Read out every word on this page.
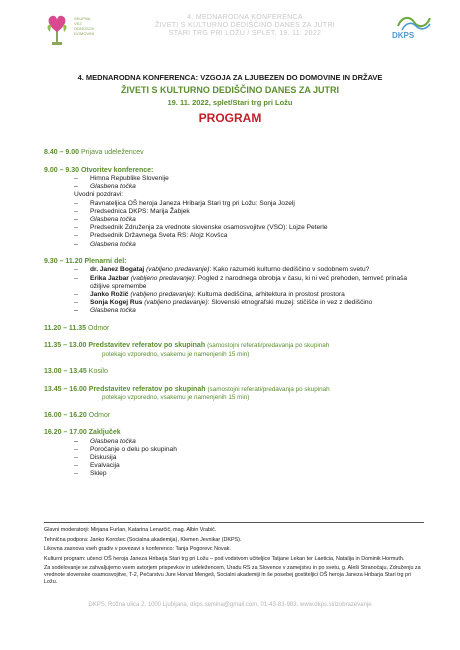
SKUPNA
VEZ
ODNOSOV
DOMOVINI
4. MEDNARODNA KONFERENCA
ŽIVETI S KULTURNO DEDIŠČINO DANES ZA JUTRI
STARI TRG PRI LOŽU / SPLET, 19. 11. 2022	DKPS
4. MEDNARODNA KONFERENCA: VZGOJA ZA LJUBEZEN DO DOMOVINE IN DRŽAVE
ŽIVETI S KULTURNO DEDIŠČINO DANES ZA JUTRI
19. 11. 2022, splet/Stari trg pri Ložu
PROGRAM
8.40 – 9.00 Prijava udeležencev
9.00 – 9.30 Otvoritev konference:
– Himna Republike Slovenije
– Glasbena točka
Uvodni pozdravi:
– Ravnateljica OŠ heroja Janeza Hribarja Stari trg pri Ložu: Sonja Jozelj
– Predsednica DKPS: Marija Žabjek
– Glasbena točka
– Predsednik Združenja za vrednote slovenske osamosvojitve (VSO): Lojze Peterle
– Predsednik Državnega Sveta RS: Alojz Kovšca
– Glasbena točka
9.30 – 11.20 Plenarni del:
– dr. Janez Bogataj (vabljeno predavanje): Kako razumeti kulturno dediščino v sodobnem svetu?
– Erika Jazbar (vabljeno predavanje): Pogled z narodnega obrobja v času, ki ni več prehoden, temveč prinaša ožiljive spremembe
– Janko Rožič (vabljeno predavanje): Kulturna dediščina, arhitektura in prostost prostora
– Sonja Kogej Rus (vabljeno predavanje): Slovenski etnografski muzej: stičišče in vez z dediščino
– Glasbena točka
11.20 – 11.35 Odmor
11.35 – 13.00 Predstavitev referatov po skupinah (samostojni referati/predavanja po skupinah
potekajo vzporedno, vsakemu je namenjenih 15 min)
13.00 – 13.45 Kosilo
13.45 – 16.00 Predstavitev referatov po skupinah (samostojni referati/predavanja po skupinah
potekajo vzporedno, vsakemu je namenjenih 15 min)
16.00 – 16.20 Odmor
16.20 – 17.00 Zaključek
– Glasbena točka
– Poročanje o delu po skupinah
– Diskusija
– Evalvacija
– Sklep

Glavni moderatorji: Mirjana Furlan, Katarina Lenarčič, mag. Albin Vrabič.

Tehnična podpora: Janko Korošec (Socialna akademija), Klemen Jevnikar (DKPS).

Likovna zasnova vseh gradiv v povezavi s konferenco: Tanja Pogorevc Novak.

Kulturni program: učenci OŠ heroja Janeza Hribarja Stari trg pri Ložu – pod vodstvom učiteljice Tatjane Lekan ter Laeticia, Natalija in Dominik Hormuth.

Za sodelovanje se zahvaljujemo vsem avtorjem prispevkov in udeležencem, Uradu RS za Slovence v zamejstvu in po svetu, g. Aleši Stranočaju, Združenju za vrednote slovenske osamosvojitve, T-2, Pečarstvu Jure Horvat Mengeš, Socialni akademiji in še posebej gostiteljici OŠ heroja Janeza Hribarja Stari trg pri Ložu.

DKPS, Rožna ulica 2, 1000 Ljubljana, dkps.semina@gmail.com, 01-43-83-983, www.dkps.si/izobrazevanje
